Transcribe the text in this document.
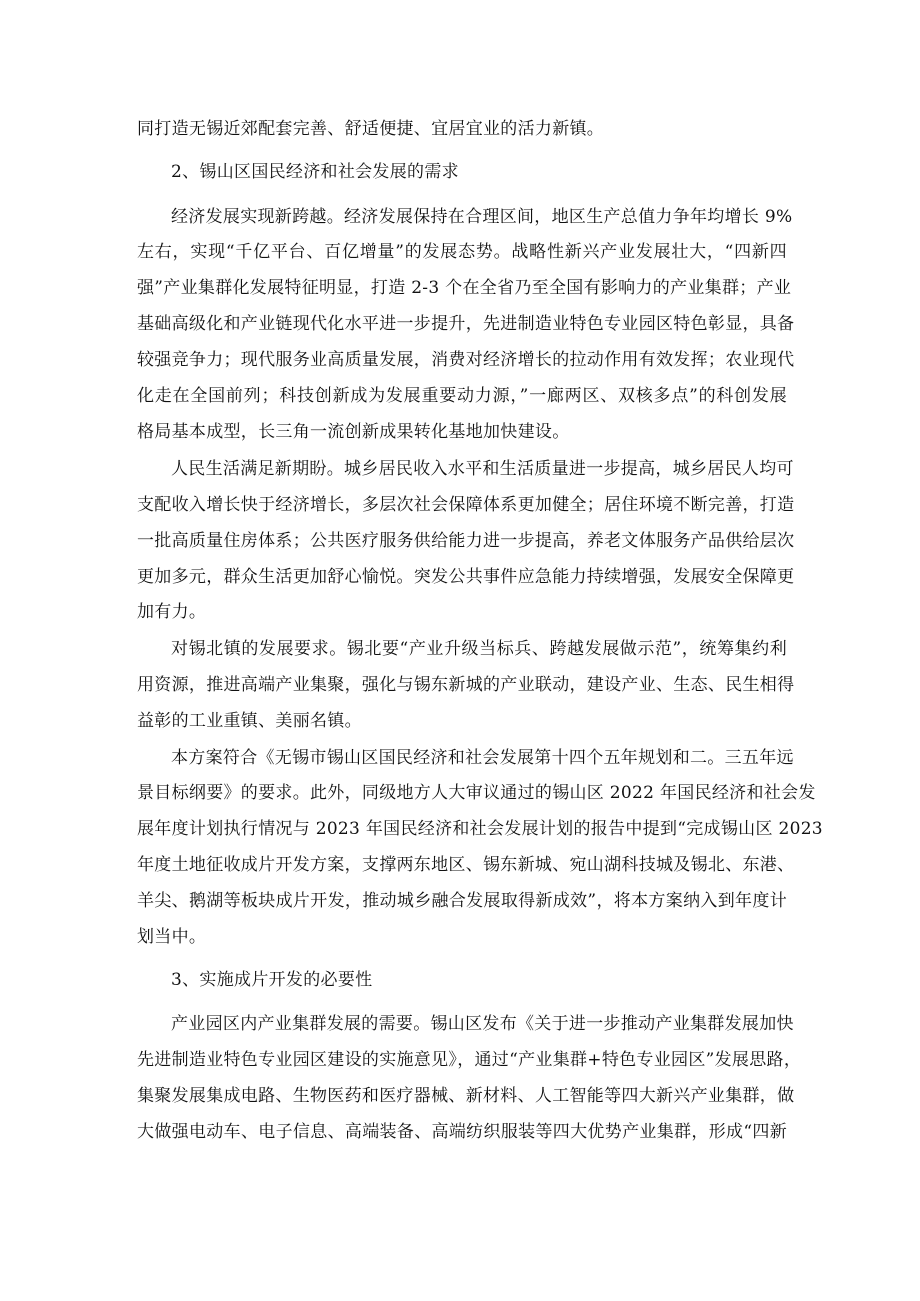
同打造无锡近郊配套完善、舒适便捷、宜居宜业的活力新镇。
2、锡山区国民经济和社会发展的需求
经济发展实现新跨越。经济发展保持在合理区间，地区生产总值力争年均增长 9%
左右，实现“千亿平台、百亿增量”的发展态势。战略性新兴产业发展壮大，“四新四
强”产业集群化发展特征明显，打造 2-3 个在全省乃至全国有影响力的产业集群；产业
基础高级化和产业链现代化水平进一步提升，先进制造业特色专业园区特色彰显，具备
较强竞争力；现代服务业高质量发展，消费对经济增长的拉动作用有效发挥；农业现代
化走在全国前列；科技创新成为发展重要动力源，”一廊两区、双核多点”的科创发展
格局基本成型，长三角一流创新成果转化基地加快建设。
人民生活满足新期盼。城乡居民收入水平和生活质量进一步提高，城乡居民人均可
支配收入增长快于经济增长，多层次社会保障体系更加健全；居住环境不断完善，打造
一批高质量住房体系；公共医疗服务供给能力进一步提高，养老文体服务产品供给层次
更加多元，群众生活更加舒心愉悦。突发公共事件应急能力持续增强，发展安全保障更
加有力。
对锡北镇的发展要求。锡北要“产业升级当标兵、跨越发展做示范”，统筹集约利
用资源，推进高端产业集聚，强化与锡东新城的产业联动，建设产业、生态、民生相得
益彰的工业重镇、美丽名镇。
本方案符合《无锡市锡山区国民经济和社会发展第十四个五年规划和二。三五年远
景目标纲要》的要求。此外，同级地方人大审议通过的锡山区 2022 年国民经济和社会发
展年度计划执行情况与 2023 年国民经济和社会发展计划的报告中提到“完成锡山区 2023
年度土地征收成片开发方案，支撑两东地区、锡东新城、宛山湖科技城及锡北、东港、
羊尖、鹅湖等板块成片开发，推动城乡融合发展取得新成效”，将本方案纳入到年度计
划当中。
3、实施成片开发的必要性
产业园区内产业集群发展的需要。锡山区发布《关于进一步推动产业集群发展加快
先进制造业特色专业园区建设的实施意见》，通过“产业集群+特色专业园区”发展思路，
集聚发展集成电路、生物医药和医疗器械、新材料、人工智能等四大新兴产业集群，做
大做强电动车、电子信息、高端装备、高端纺织服装等四大优势产业集群，形成“四新
